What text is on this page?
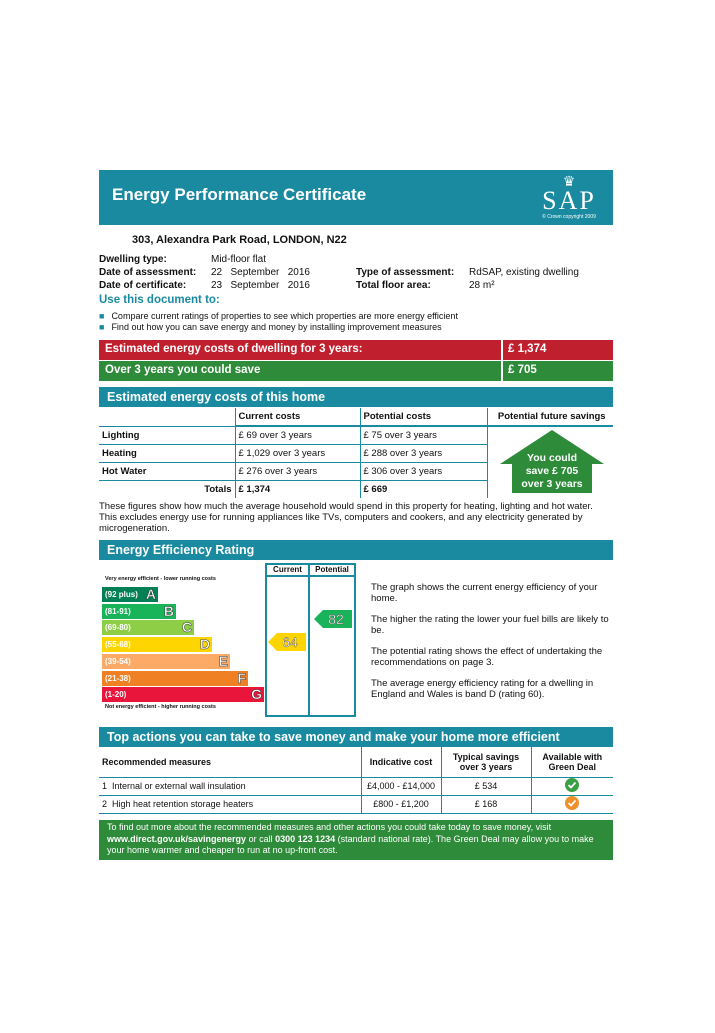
Energy Performance Certificate
♛
SAP
© Crown copyright 2009
303, Alexandra Park Road, LONDON, N22
Dwelling type:	Mid-floor flat
Date of assessment: 22   September   2016
Date of certificate: 23   September   2016
Type of assessment: RdSAP, existing dwelling
Total floor area:	28 m²
Use this document to:
■ Compare current ratings of properties to see which properties are more energy efficient
■ Find out how you can save energy and money by installing improvement measures
Estimated energy costs of dwelling for 3 years:	£ 1,374
Over 3 years you could save	£ 705
Estimated energy costs of this home
	Current costs	Potential costs	Potential future savings
Lighting	£ 69 over 3 years	£ 75 over 3 years	
Heating	£ 1,029 over 3 years	£ 288 over 3 years	
Hot Water	£ 276 over 3 years	£ 306 over 3 years	
Totals	£ 1,374	£ 669	
You could
save £ 705
over 3 years
These figures show how much the average household would spend in this property for heating, lighting and hot water. This excludes energy use for running appliances like TVs, computers and cookers, and any electricity generated by microgeneration.
Energy Efficiency Rating
Very energy efficient - lower running costs
Not energy efficient - higher running costs
(92 plus) A
(81-91) B
(69-80)	C
(55-68)	D
(39-54)	E
(21-38)	F
(1-20)	G
Current	Potential
64
82
The graph shows the current energy efficiency of your home.
The higher the rating the lower your fuel bills are likely to be.
The potential rating shows the effect of undertaking the recommendations on page 3.
The average energy efficiency rating for a dwelling in England and Wales is band D (rating 60).
Top actions you can take to save money and make your home more efficient
Recommended measures	Indicative cost	Typical savings over 3 years	Available with Green Deal
1 Internal or external wall insulation	£4,000 - £14,000	£ 534	
2 High heat retention storage heaters	£800 - £1,200	£ 168	
To find out more about the recommended measures and other actions you could take today to save money, visit
www.direct.gov.uk/savingenergy or call 0300 123 1234 (standard national rate). The Green Deal may allow you to make your home warmer and cheaper to run at no up-front cost.
